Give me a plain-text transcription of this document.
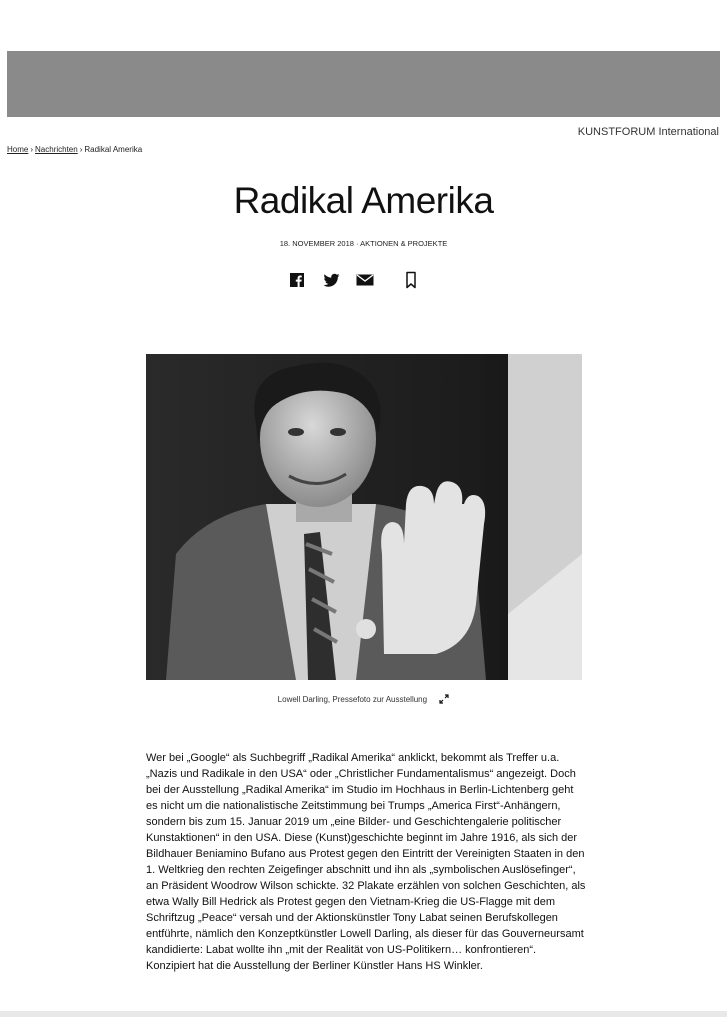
KUNSTFORUM International
Home › Nachrichten › Radikal Amerika
Radikal Amerika
18. NOVEMBER 2018 · AKTIONEN & PROJEKTE
Lowell Darling, Pressefoto zur Ausstellung

Wer bei „Google“ als Suchbegriff „Radikal Amerika“ anklickt, bekommt als Treffer u.a. „Nazis und Radikale in den USA“ oder „Christlicher Fundamentalismus“ angezeigt. Doch bei der Ausstellung „Radikal Amerika“ im Studio im Hochhaus in Berlin-Lichtenberg geht es nicht um die nationalistische Zeitstimmung bei Trumps „America First“-Anhängern, sondern bis zum 15. Januar 2019 um „eine Bilder- und Geschichtengalerie politischer Kunstaktionen“ in den USA. Diese (Kunst)geschichte beginnt im Jahre 1916, als sich der Bildhauer Beniamino Bufano aus Protest gegen den Eintritt der Vereinigten Staaten in den 1. Weltkrieg den rechten Zeigefinger abschnitt und ihn als „symbolischen Auslösefinger“, an Präsident Woodrow Wilson schickte. 32 Plakate erzählen von solchen Geschichten, als etwa Wally Bill Hedrick als Protest gegen den Vietnam-Krieg die US-Flagge mit dem Schriftzug „Peace“ versah und der Aktionskünstler Tony Labat seinen Berufskollegen entführte, nämlich den Konzeptkünstler Lowell Darling, als dieser für das Gouverneursamt kandidierte: Labat wollte ihn „mit der Realität von US-Politikern… konfrontieren“. Konzipiert hat die Ausstellung der Berliner Künstler Hans HS Winkler.
